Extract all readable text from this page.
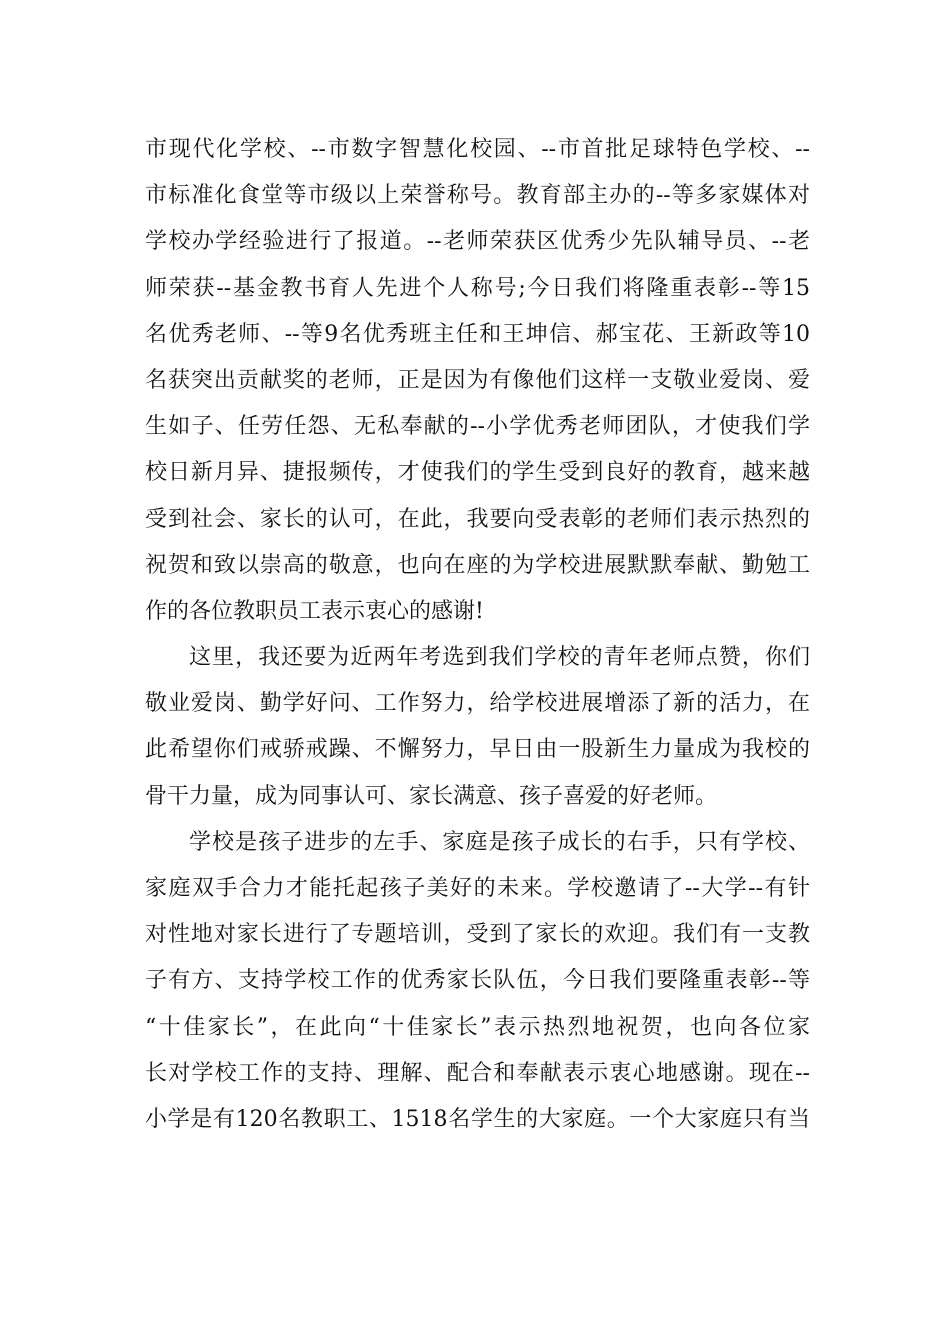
市现代化学校、--市数字智慧化校园、--市首批足球特色学校、--
市标准化食堂等市级以上荣誉称号。教育部主办的--等多家媒体对
学校办学经验进行了报道。--老师荣获区优秀少先队辅导员、--老
师荣获--基金教书育人先进个人称号;今日我们将隆重表彰--等15
名优秀老师、--等9名优秀班主任和王坤信、郝宝花、王新政等10
名获突出贡献奖的老师，正是因为有像他们这样一支敬业爱岗、爱
生如子、任劳任怨、无私奉献的--小学优秀老师团队，才使我们学
校日新月异、捷报频传，才使我们的学生受到良好的教育，越来越
受到社会、家长的认可，在此，我要向受表彰的老师们表示热烈的
祝贺和致以崇高的敬意，也向在座的为学校进展默默奉献、勤勉工
作的各位教职员工表示衷心的感谢!
这里，我还要为近两年考选到我们学校的青年老师点赞，你们
敬业爱岗、勤学好问、工作努力，给学校进展增添了新的活力，在
此希望你们戒骄戒躁、不懈努力，早日由一股新生力量成为我校的
骨干力量，成为同事认可、家长满意、孩子喜爱的好老师。
学校是孩子进步的左手、家庭是孩子成长的右手，只有学校、
家庭双手合力才能托起孩子美好的未来。学校邀请了--大学--有针
对性地对家长进行了专题培训，受到了家长的欢迎。我们有一支教
子有方、支持学校工作的优秀家长队伍，今日我们要隆重表彰--等
“十佳家长”，在此向“十佳家长”表示热烈地祝贺，也向各位家
长对学校工作的支持、理解、配合和奉献表示衷心地感谢。现在--
小学是有120名教职工、1518名学生的大家庭。一个大家庭只有当
